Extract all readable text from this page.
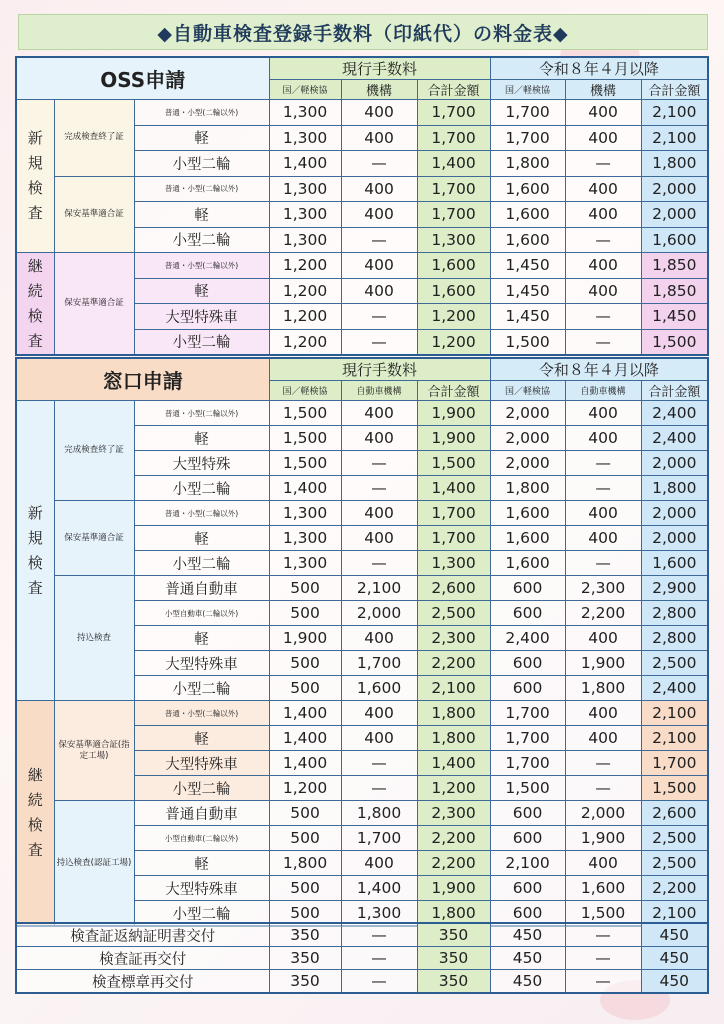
◆自動車検査登録手数料（印紙代）の料金表◆
OSS申請			現行手数料			令和８年４月以降		
			国／軽検協	機構	合計金額	国／軽検協	機構	合計金額
新
規
検
査	完成検査終了証	普通・小型(二輪以外)	1,300	400	1,700	1,700	400	2,100
		軽	1,300	400	1,700	1,700	400	2,100
		小型二輪	1,400	—	1,400	1,800	—	1,800
	保安基準適合証	普通・小型(二輪以外)	1,300	400	1,700	1,600	400	2,000
		軽	1,300	400	1,700	1,600	400	2,000
		小型二輪	1,300	—	1,300	1,600	—	1,600
継
続
検
査	保安基準適合証	普通・小型(二輪以外)	1,200	400	1,600	1,450	400	1,850
		軽	1,200	400	1,600	1,450	400	1,850
		大型特殊車	1,200	—	1,200	1,450	—	1,450
		小型二輪	1,200	—	1,200	1,500	—	1,500
窓口申請			現行手数料			令和８年４月以降		
			国／軽検協	自動車機構	合計金額	国／軽検協	自動車機構	合計金額
新
規
検
査	完成検査終了証	普通・小型(二輪以外)	1,500	400	1,900	2,000	400	2,400
		軽	1,500	400	1,900	2,000	400	2,400
		大型特殊	1,500	—	1,500	2,000	—	2,000
		小型二輪	1,400	—	1,400	1,800	—	1,800
	保安基準適合証	普通・小型(二輪以外)	1,300	400	1,700	1,600	400	2,000
		軽	1,300	400	1,700	1,600	400	2,000
		小型二輪	1,300	—	1,300	1,600	—	1,600
	持込検査	普通自動車	500	2,100	2,600	600	2,300	2,900
		小型自動車(二輪以外)	500	2,000	2,500	600	2,200	2,800
		軽	1,900	400	2,300	2,400	400	2,800
		大型特殊車	500	1,700	2,200	600	1,900	2,500
		小型二輪	500	1,600	2,100	600	1,800	2,400
継
続
検
査	保安基準適合証(指定工場)	普通・小型(二輪以外)	1,400	400	1,800	1,700	400	2,100
		軽	1,400	400	1,800	1,700	400	2,100
		大型特殊車	1,400	—	1,400	1,700	—	1,700
		小型二輪	1,200	—	1,200	1,500	—	1,500
	持込検査(認証工場)	普通自動車	500	1,800	2,300	600	2,000	2,600
		小型自動車(二輪以外)	500	1,700	2,200	600	1,900	2,500
		軽	1,800	400	2,200	2,100	400	2,500
		大型特殊車	500	1,400	1,900	600	1,600	2,200
		小型二輪	500	1,300	1,800	600	1,500	2,100
検査証返納証明書交付	350	—	350	450	—	450
検査証再交付	350	—	350	450	—	450
検査標章再交付	350	—	350	450	—	450
